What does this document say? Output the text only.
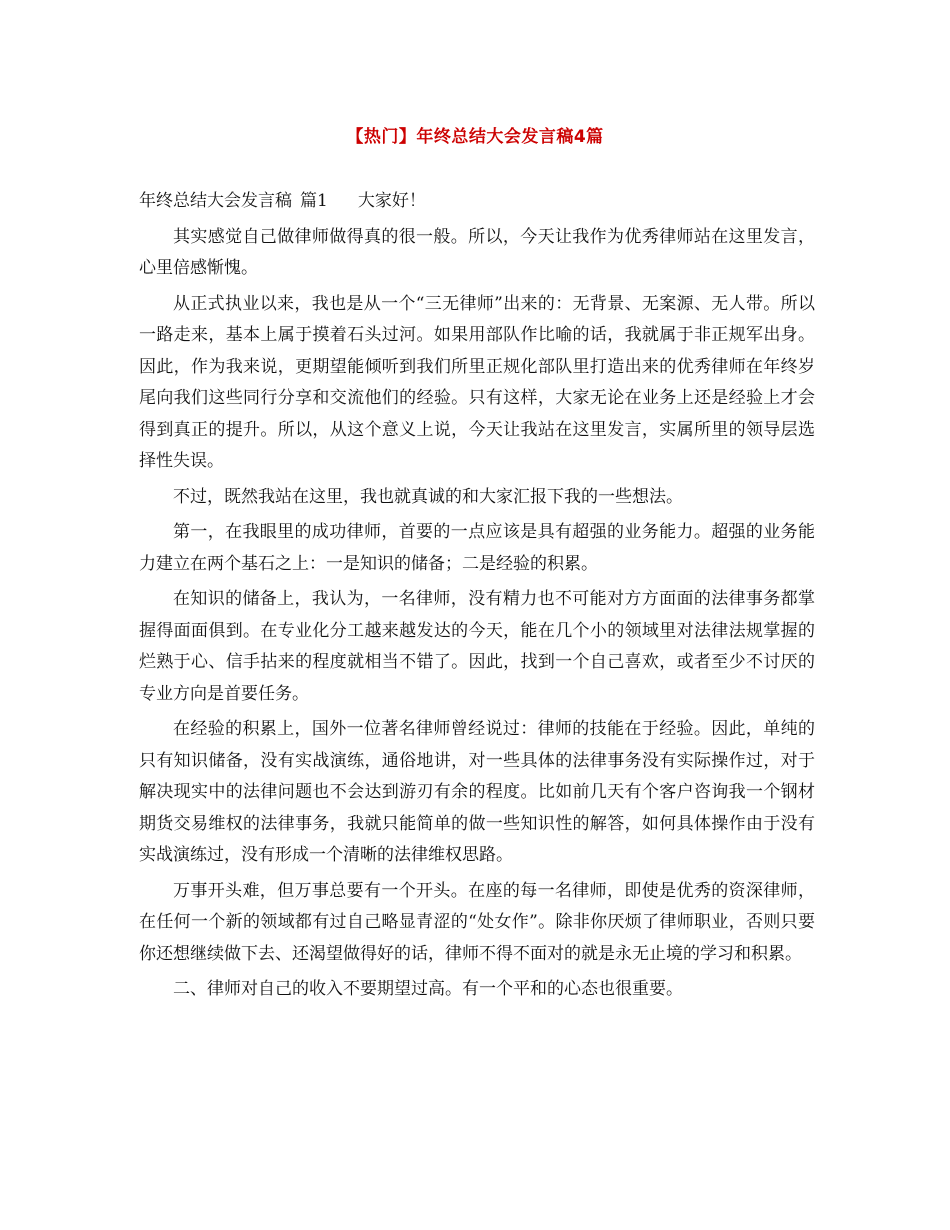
【热门】年终总结大会发言稿4篇

年终总结大会发言稿 篇1 大家好！

其实感觉自己做律师做得真的很一般。所以，今天让我作为优秀律师站在这里发言，心里倍感惭愧。

从正式执业以来，我也是从一个“三无律师”出来的：无背景、无案源、无人带。所以一路走来，基本上属于摸着石头过河。如果用部队作比喻的话，我就属于非正规军出身。因此，作为我来说，更期望能倾听到我们所里正规化部队里打造出来的优秀律师在年终岁尾向我们这些同行分享和交流他们的经验。只有这样，大家无论在业务上还是经验上才会得到真正的提升。所以，从这个意义上说，今天让我站在这里发言，实属所里的领导层选择性失误。

不过，既然我站在这里，我也就真诚的和大家汇报下我的一些想法。

第一，在我眼里的成功律师，首要的一点应该是具有超强的业务能力。超强的业务能力建立在两个基石之上：一是知识的储备；二是经验的积累。

在知识的储备上，我认为，一名律师，没有精力也不可能对方方面面的法律事务都掌握得面面俱到。在专业化分工越来越发达的今天，能在几个小的领域里对法律法规掌握的烂熟于心、信手拈来的程度就相当不错了。因此，找到一个自己喜欢，或者至少不讨厌的专业方向是首要任务。

在经验的积累上，国外一位著名律师曾经说过：律师的技能在于经验。因此，单纯的只有知识储备，没有实战演练，通俗地讲，对一些具体的法律事务没有实际操作过，对于解决现实中的法律问题也不会达到游刃有余的程度。比如前几天有个客户咨询我一个钢材期货交易维权的法律事务，我就只能简单的做一些知识性的解答，如何具体操作由于没有实战演练过，没有形成一个清晰的法律维权思路。

万事开头难，但万事总要有一个开头。在座的每一名律师，即使是优秀的资深律师，在任何一个新的领域都有过自己略显青涩的“处女作”。除非你厌烦了律师职业，否则只要你还想继续做下去、还渴望做得好的话，律师不得不面对的就是永无止境的学习和积累。

二、律师对自己的收入不要期望过高。有一个平和的心态也很重要。
